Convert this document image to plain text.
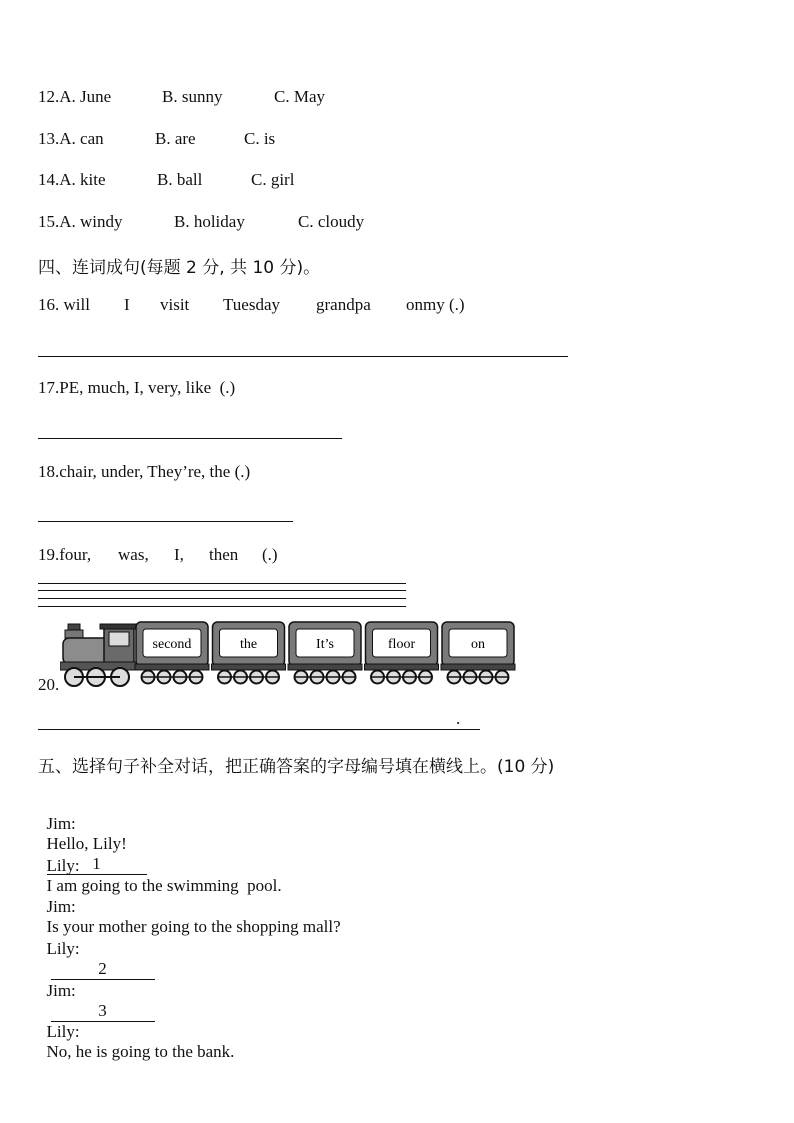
12.A. June	B. sunny	C. May
13.A. can	B. are	C. is
14.A. kite	B. ball	C. girl
15.A. windy	B. holiday	C. cloudy
四、连词成句(每题 2 分, 共 10 分)。
16. will I visit Tuesday grandpa onmy (.)
17.PE, much, I, very, like  (.)
18.chair, under, They’re, the (.)
19.four, was, I, then (.)
20.
second	the	It’s	floor	on
.
五、选择句子补全对话，把正确答案的字母编号填在横线上。(10 分)

Jim:
Hello, Lily!
1

Lily:
I am going to the swimming  pool.

Jim:
Is your mother going to the shopping mall?

Lily:
2

Jim:
3

Lily:
No, he is going to the bank.
